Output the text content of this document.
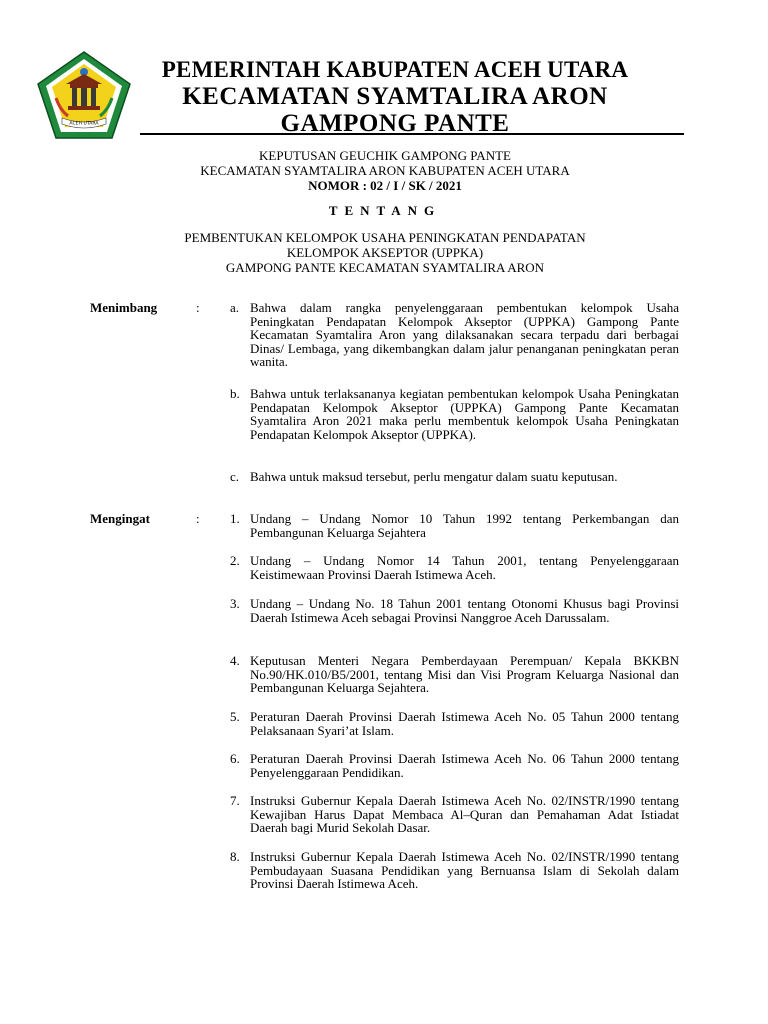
ACEH UTARA
PEMERINTAH KABUPATEN ACEH UTARA
KECAMATAN SYAMTALIRA ARON
GAMPONG PANTE
KEPUTUSAN GEUCHIK GAMPONG PANTE
KECAMATAN SYAMTALIRA ARON KABUPATEN ACEH UTARA
NOMOR : 02 / I / SK / 2021
TENTANG
PEMBENTUKAN KELOMPOK USAHA PENINGKATAN PENDAPATAN
KELOMPOK AKSEPTOR (UPPKA)
GAMPONG PANTE KECAMATAN SYAMTALIRA ARON
Menimbang	: a. Bahwa dalam rangka penyelenggaraan pembentukan kelompok Usaha Peningkatan Pendapatan Kelompok Akseptor (UPPKA) Gampong Pante Kecamatan Syamtalira Aron yang dilaksanakan secara terpadu dari berbagai Dinas/ Lembaga, yang dikembangkan dalam jalur penanganan peningkatan peran wanita.
b. Bahwa untuk terlaksananya kegiatan pembentukan kelompok Usaha Peningkatan Pendapatan Kelompok Akseptor (UPPKA) Gampong Pante Kecamatan Syamtalira Aron 2021 maka perlu membentuk kelompok Usaha Peningkatan Pendapatan Kelompok Akseptor (UPPKA).
c. Bahwa untuk maksud tersebut, perlu mengatur dalam suatu keputusan.
Mengingat	: 1. Undang – Undang Nomor 10 Tahun 1992 tentang Perkembangan dan Pembangunan Keluarga Sejahtera
2. Undang – Undang Nomor 14 Tahun 2001, tentang Penyelenggaraan Keistimewaan Provinsi Daerah Istimewa Aceh.
3. Undang – Undang No. 18 Tahun 2001 tentang Otonomi Khusus bagi Provinsi Daerah Istimewa Aceh sebagai Provinsi Nanggroe Aceh Darussalam.
4. Keputusan Menteri Negara Pemberdayaan Perempuan/ Kepala BKKBN No.90/HK.010/B5/2001, tentang Misi dan Visi Program Keluarga Nasional dan Pembangunan Keluarga Sejahtera.
5. Peraturan Daerah Provinsi Daerah Istimewa Aceh No. 05 Tahun 2000 tentang Pelaksanaan Syari’at Islam.
6. Peraturan Daerah Provinsi Daerah Istimewa Aceh No. 06 Tahun 2000 tentang Penyelenggaraan Pendidikan.
7. Instruksi Gubernur Kepala Daerah Istimewa Aceh No. 02/INSTR/1990 tentang Kewajiban Harus Dapat Membaca Al–Quran dan Pemahaman Adat Istiadat Daerah bagi Murid Sekolah Dasar.
8. Instruksi Gubernur Kepala Daerah Istimewa Aceh No. 02/INSTR/1990 tentang Pembudayaan Suasana Pendidikan yang Bernuansa Islam di Sekolah dalam Provinsi Daerah Istimewa Aceh.
